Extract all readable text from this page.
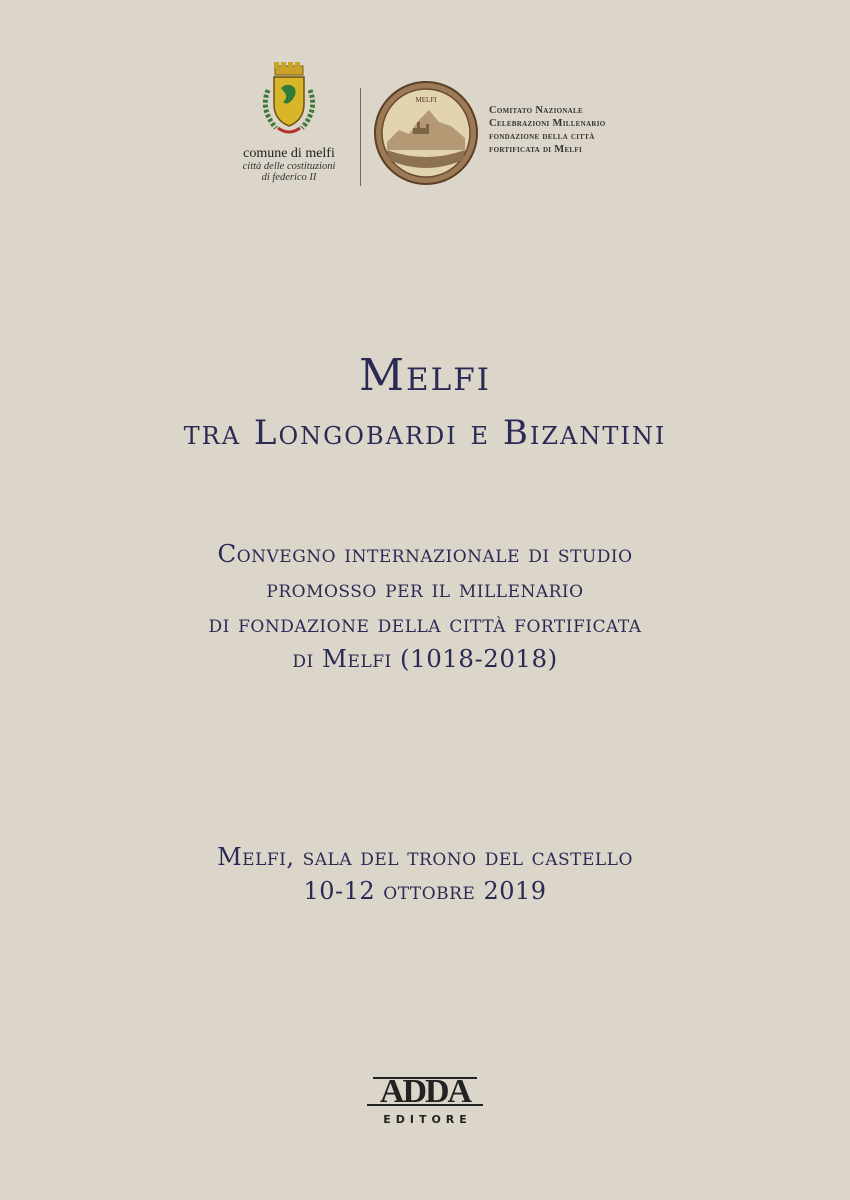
comune di melfi
città delle costituzioni
di federico II
MELFI
Comitato Nazionale
Celebrazioni Millenario
fondazione della città
fortificata di Melfi
Melfi
tra Longobardi e Bizantini
Convegno internazionale di studio
promosso per il millenario
di fondazione della città fortificata
di Melfi (1018-2018)
Melfi, sala del trono del castello
10-12 ottobre 2019
ADDA
EDITORE
